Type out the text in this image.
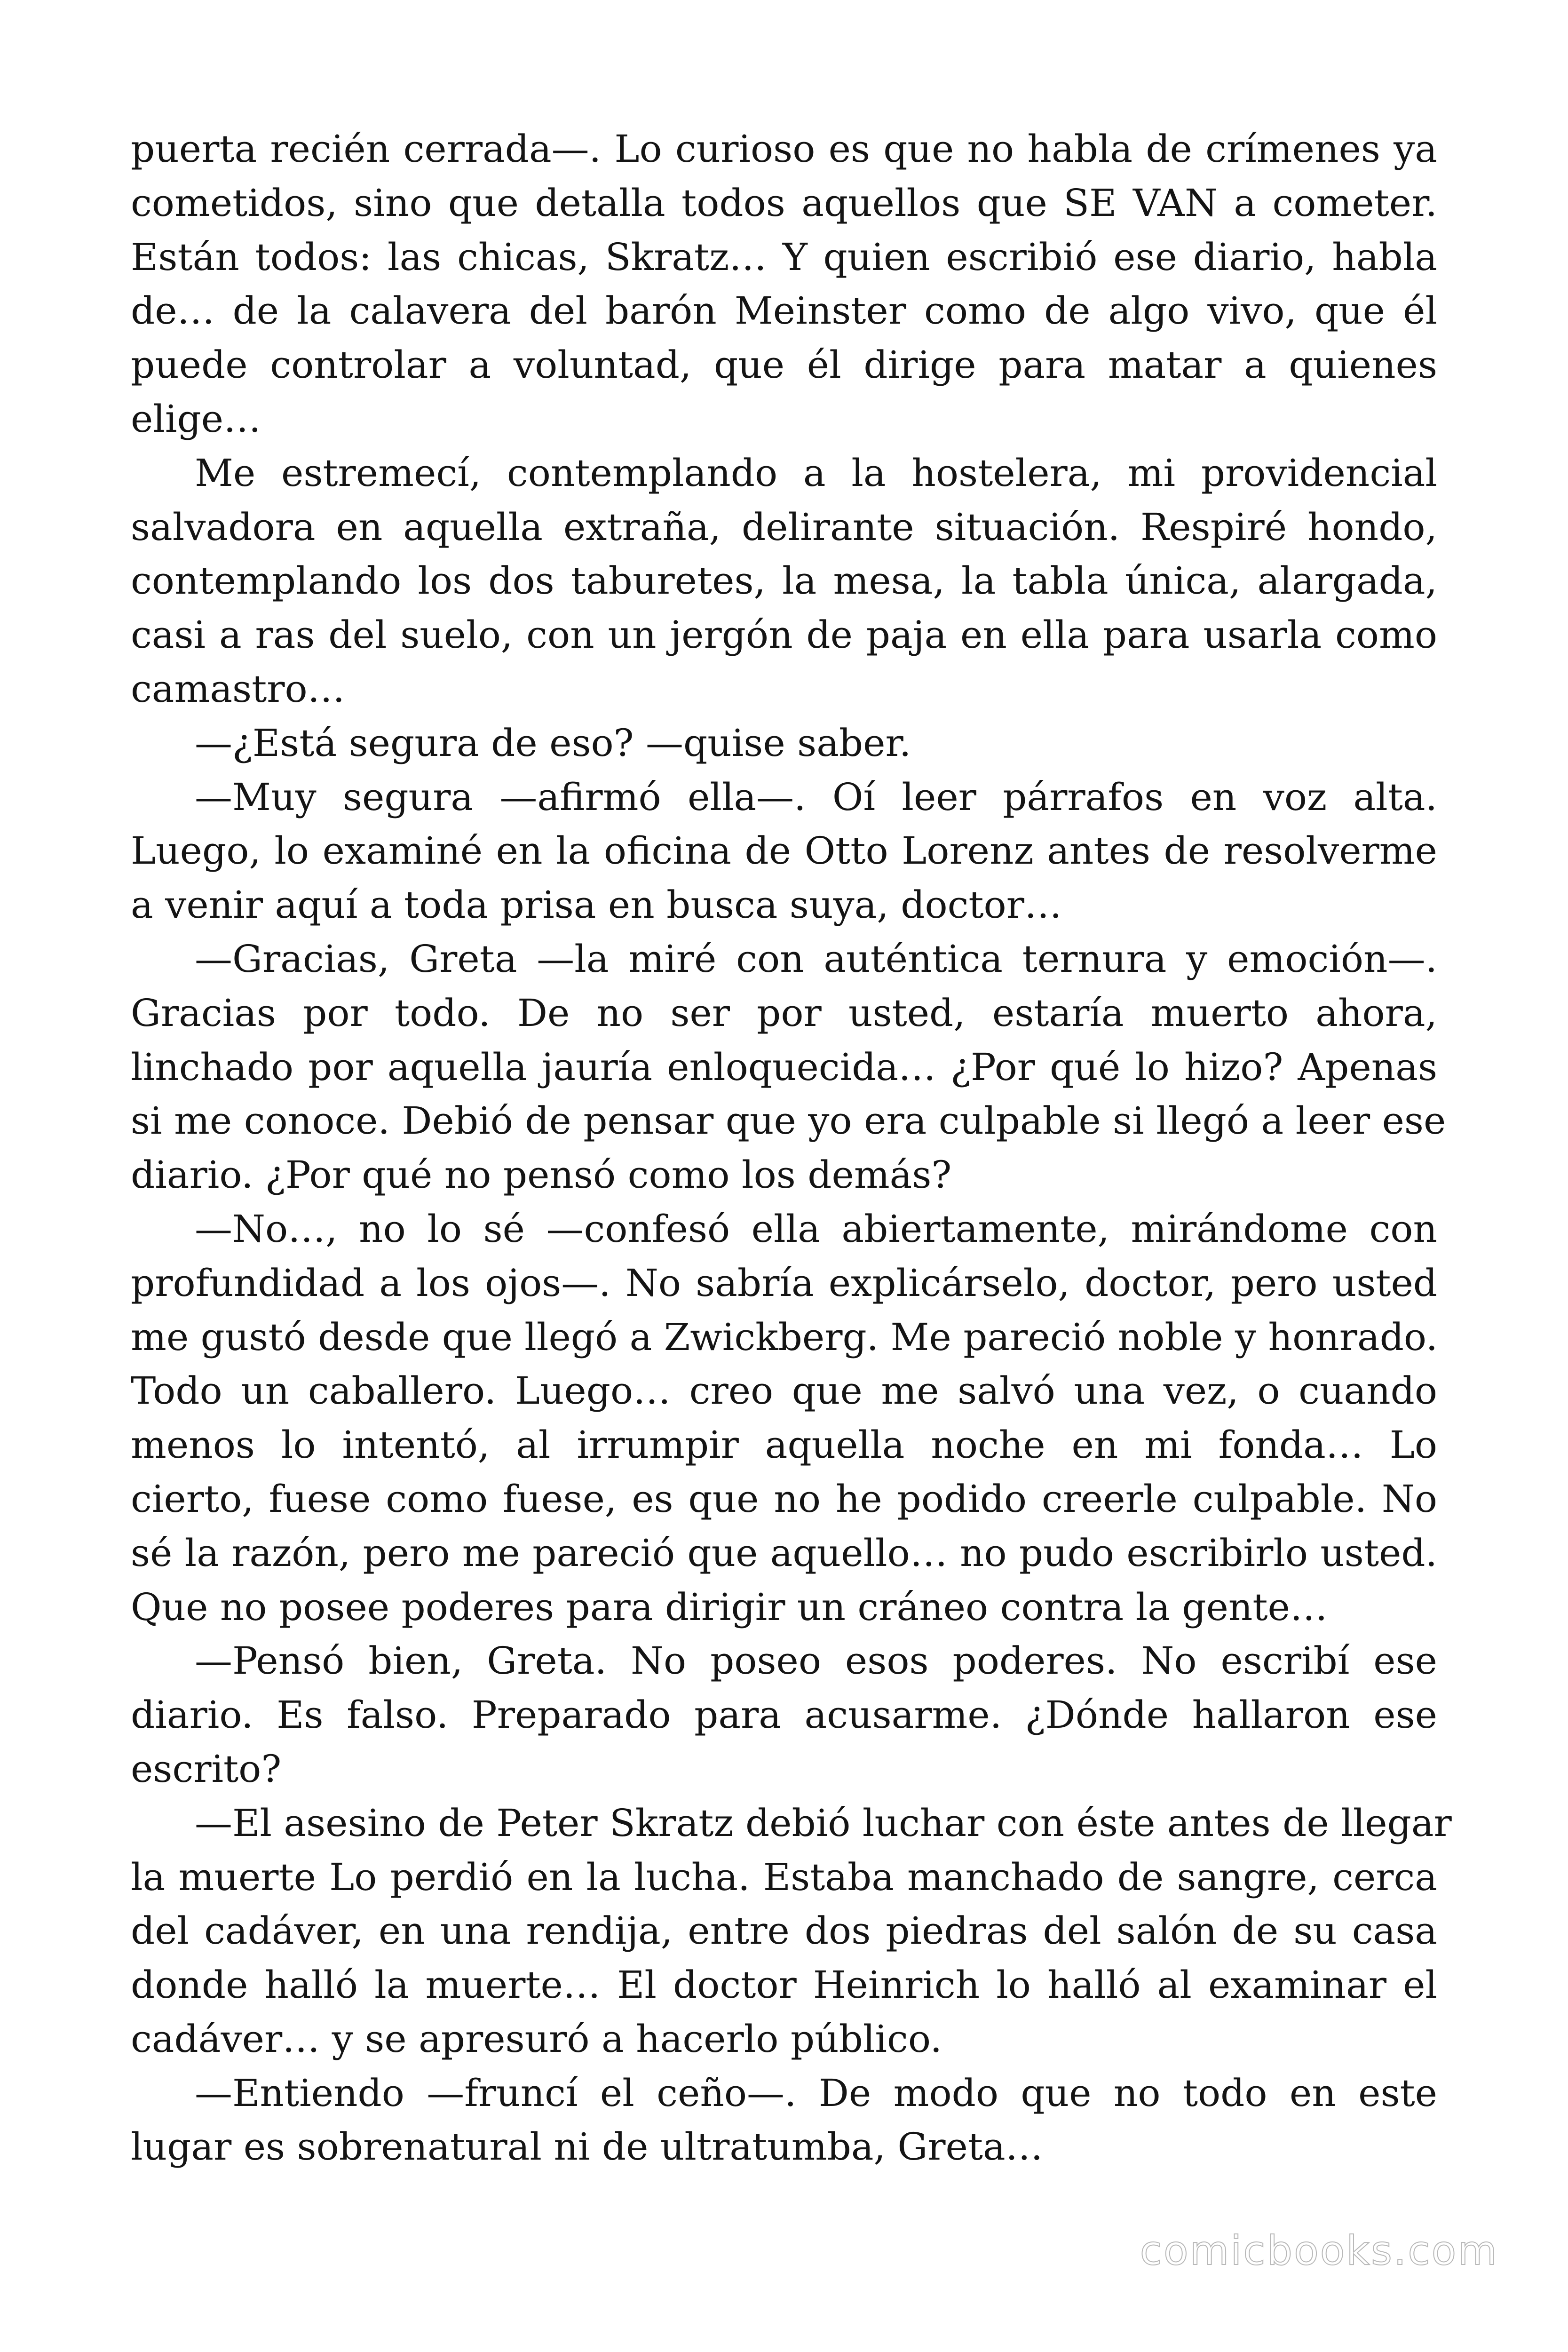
puerta recién cerrada—. Lo curioso es que no habla de crímenes ya
cometidos, sino que detalla todos aquellos que SE VAN a cometer.
Están todos: las chicas, Skratz… Y quien escribió ese diario, habla
de… de la calavera del barón Meinster como de algo vivo, que él
puede controlar a voluntad, que él dirige para matar a quienes
elige…
Me estremecí, contemplando a la hostelera, mi providencial
salvadora en aquella extraña, delirante situación. Respiré hondo,
contemplando los dos taburetes, la mesa, la tabla única, alargada,
casi a ras del suelo, con un jergón de paja en ella para usarla como
camastro…
—¿Está segura de eso? —quise saber.
—Muy segura —afirmó ella—. Oí leer párrafos en voz alta.
Luego, lo examiné en la oficina de Otto Lorenz antes de resolverme
a venir aquí a toda prisa en busca suya, doctor…
—Gracias, Greta —la miré con auténtica ternura y emoción—.
Gracias por todo. De no ser por usted, estaría muerto ahora,
linchado por aquella jauría enloquecida… ¿Por qué lo hizo? Apenas
si me conoce. Debió de pensar que yo era culpable si llegó a leer ese
diario. ¿Por qué no pensó como los demás?
—No…, no lo sé —confesó ella abiertamente, mirándome con
profundidad a los ojos—. No sabría explicárselo, doctor, pero usted
me gustó desde que llegó a Zwickberg. Me pareció noble y honrado.
Todo un caballero. Luego… creo que me salvó una vez, o cuando
menos lo intentó, al irrumpir aquella noche en mi fonda… Lo
cierto, fuese como fuese, es que no he podido creerle culpable. No
sé la razón, pero me pareció que aquello… no pudo escribirlo usted.
Que no posee poderes para dirigir un cráneo contra la gente…
—Pensó bien, Greta. No poseo esos poderes. No escribí ese
diario. Es falso. Preparado para acusarme. ¿Dónde hallaron ese
escrito?
—El asesino de Peter Skratz debió luchar con éste antes de llegar
la muerte Lo perdió en la lucha. Estaba manchado de sangre, cerca
del cadáver, en una rendija, entre dos piedras del salón de su casa
donde halló la muerte… El doctor Heinrich lo halló al examinar el
cadáver… y se apresuró a hacerlo público.
—Entiendo —fruncí el ceño—. De modo que no todo en este
lugar es sobrenatural ni de ultratumba, Greta…
comicbooks.com
